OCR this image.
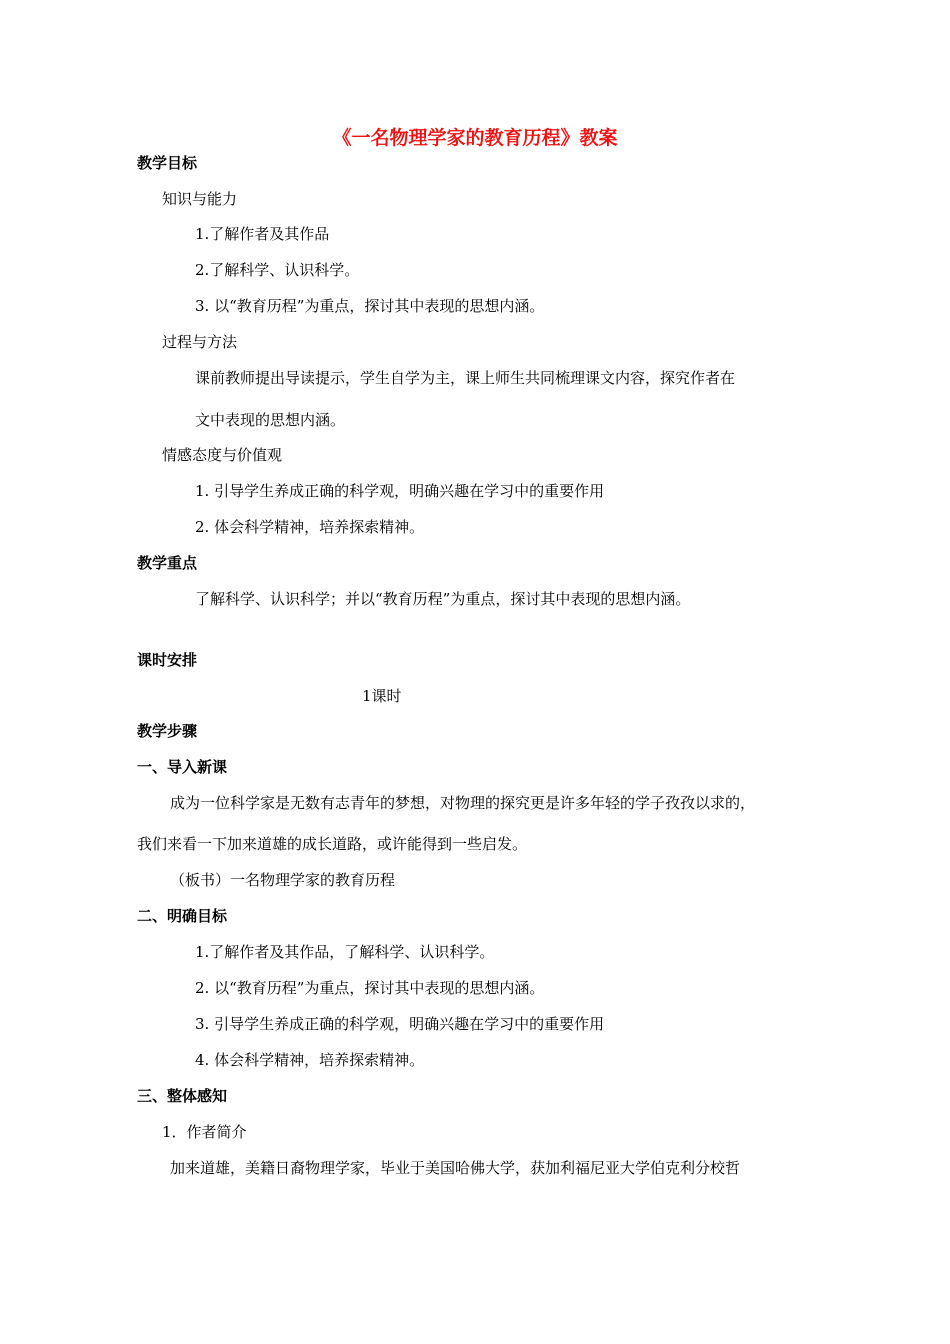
《一名物理学家的教育历程》教案
教学目标
知识与能力
1.了解作者及其作品
2.了解科学、认识科学。
3. 以“教育历程”为重点，探讨其中表现的思想内涵。
过程与方法
课前教师提出导读提示，学生自学为主，课上师生共同梳理课文内容，探究作者在
文中表现的思想内涵。
情感态度与价值观
1. 引导学生养成正确的科学观，明确兴趣在学习中的重要作用
2. 体会科学精神，培养探索精神。
教学重点
了解科学、认识科学；并以“教育历程”为重点，探讨其中表现的思想内涵。
课时安排
1课时
教学步骤
一、导入新课
成为一位科学家是无数有志青年的梦想，对物理的探究更是许多年轻的学子孜孜以求的，
我们来看一下加来道雄的成长道路，或许能得到一些启发。
（板书）一名物理学家的教育历程
二、明确目标
1.了解作者及其作品，了解科学、认识科学。
2. 以“教育历程”为重点，探讨其中表现的思想内涵。
3. 引导学生养成正确的科学观，明确兴趣在学习中的重要作用
4. 体会科学精神，培养探索精神。
三、整体感知
1．作者简介
加来道雄，美籍日裔物理学家，毕业于美国哈佛大学，获加利福尼亚大学伯克利分校哲
